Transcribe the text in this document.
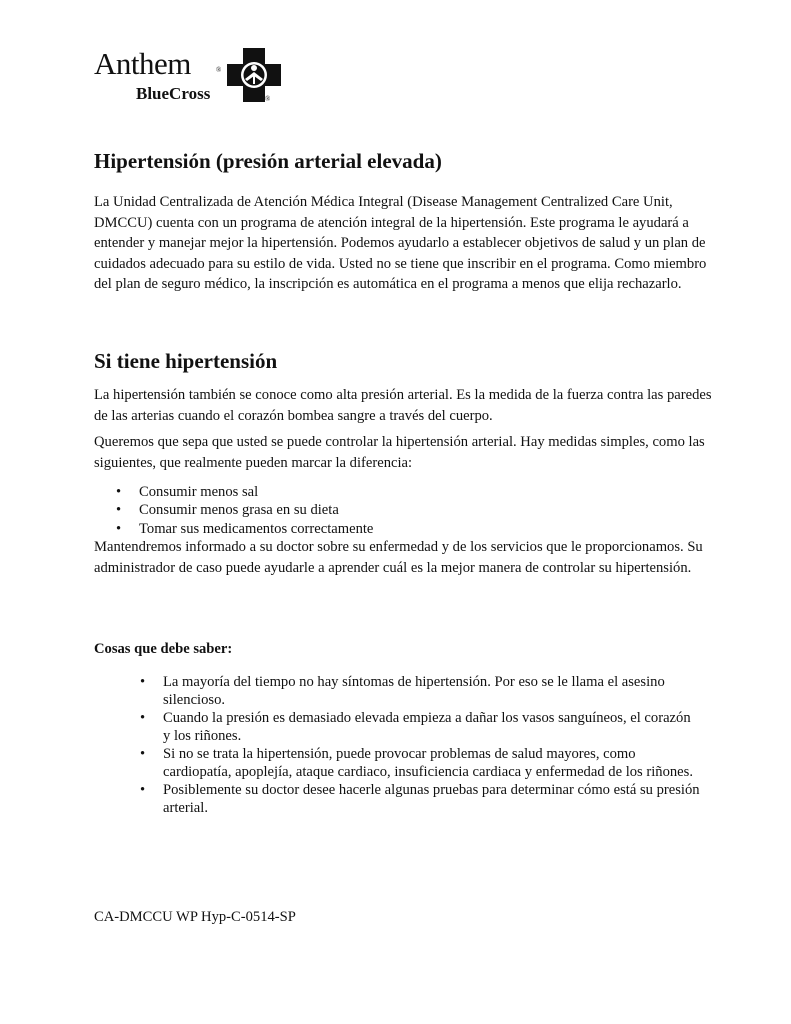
Anthem	®
BlueCross	®
Hipertensión (presión arterial elevada)

La Unidad Centralizada de Atención Médica Integral (Disease Management Centralized Care Unit, DMCCU) cuenta con un programa de atención integral de la hipertensión. Este programa le ayudará a entender y manejar mejor la hipertensión. Podemos ayudarlo a establecer objetivos de salud y un plan de cuidados adecuado para su estilo de vida. Usted no se tiene que inscribir en el programa. Como miembro del plan de seguro médico, la inscripción es automática en el programa a menos que elija rechazarlo.

Si tiene hipertensión

La hipertensión también se conoce como alta presión arterial. Es la medida de la fuerza contra las paredes de las arterias cuando el corazón bombea sangre a través del cuerpo.

Queremos que sepa que usted se puede controlar la hipertensión arterial. Hay medidas simples, como las siguientes, que realmente pueden marcar la diferencia:

• Consumir menos sal
• Consumir menos grasa en su dieta
• Tomar sus medicamentos correctamente

Mantendremos informado a su doctor sobre su enfermedad y de los servicios que le proporcionamos. Su administrador de caso puede ayudarle a aprender cuál es la mejor manera de controlar su hipertensión.

Cosas que debe saber:

• La mayoría del tiempo no hay síntomas de hipertensión. Por eso se le llama el asesino silencioso.
• Cuando la presión es demasiado elevada empieza a dañar los vasos sanguíneos, el corazón y los riñones.
• Si no se trata la hipertensión, puede provocar problemas de salud mayores, como cardiopatía, apoplejía, ataque cardiaco, insuficiencia cardiaca y enfermedad de los riñones.
• Posiblemente su doctor desee hacerle algunas pruebas para determinar cómo está su presión arterial.

CA-DMCCU WP Hyp-C-0514-SP
